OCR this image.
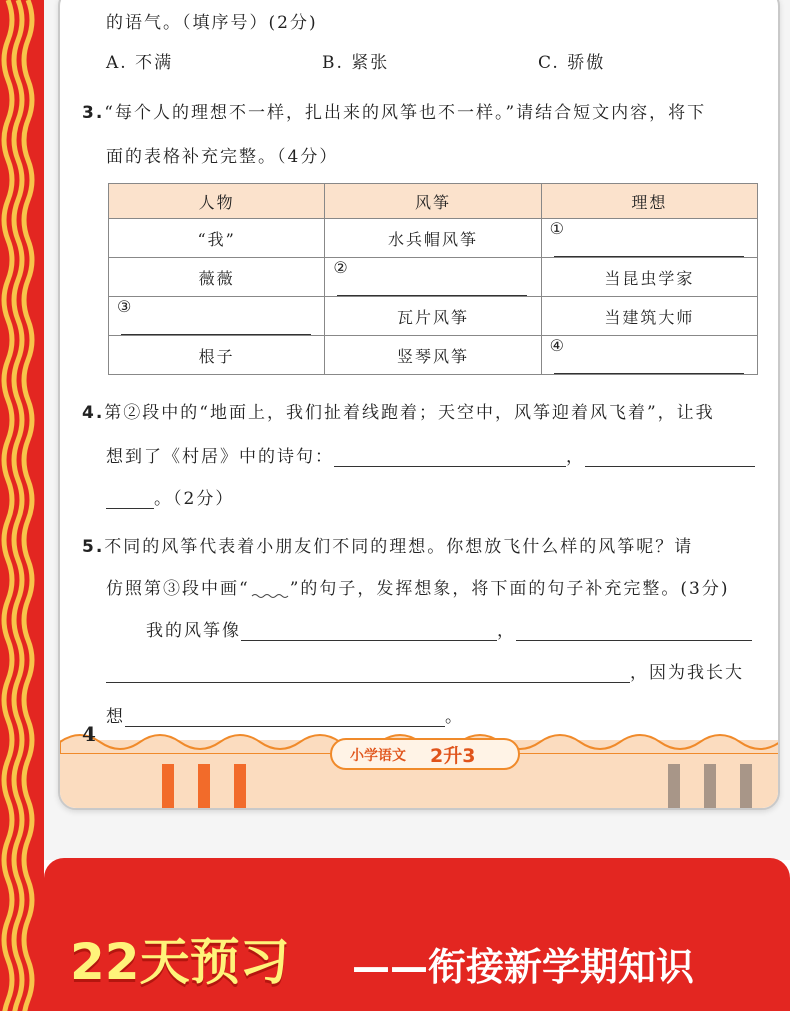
的语气。（填序号）(2分)
A. 不满	B. 紧张	C. 骄傲
3.“每个人的理想不一样，扎出来的风筝也不一样。”请结合短文内容，将下
面的表格补充完整。（4分）
人物	风筝	理想
“我”	水兵帽风筝	①
薇薇	②	当昆虫学家
③	瓦片风筝	当建筑大师
根子	竖琴风筝	④
4.第②段中的“地面上，我们扯着线跑着；天空中，风筝迎着风飞着”，让我
想到了《村居》中的诗句：	，
。（2分）
5.不同的风筝代表着小朋友们不同的理想。你想放飞什么样的风筝呢？请
仿照第③段中画“ ”的句子，发挥想象，将下面的句子补充完整。(3分)
我的风筝像	，
，因为我长大
想	。
4
小学语文 2升3
22天预习 ——衔接新学期知识
